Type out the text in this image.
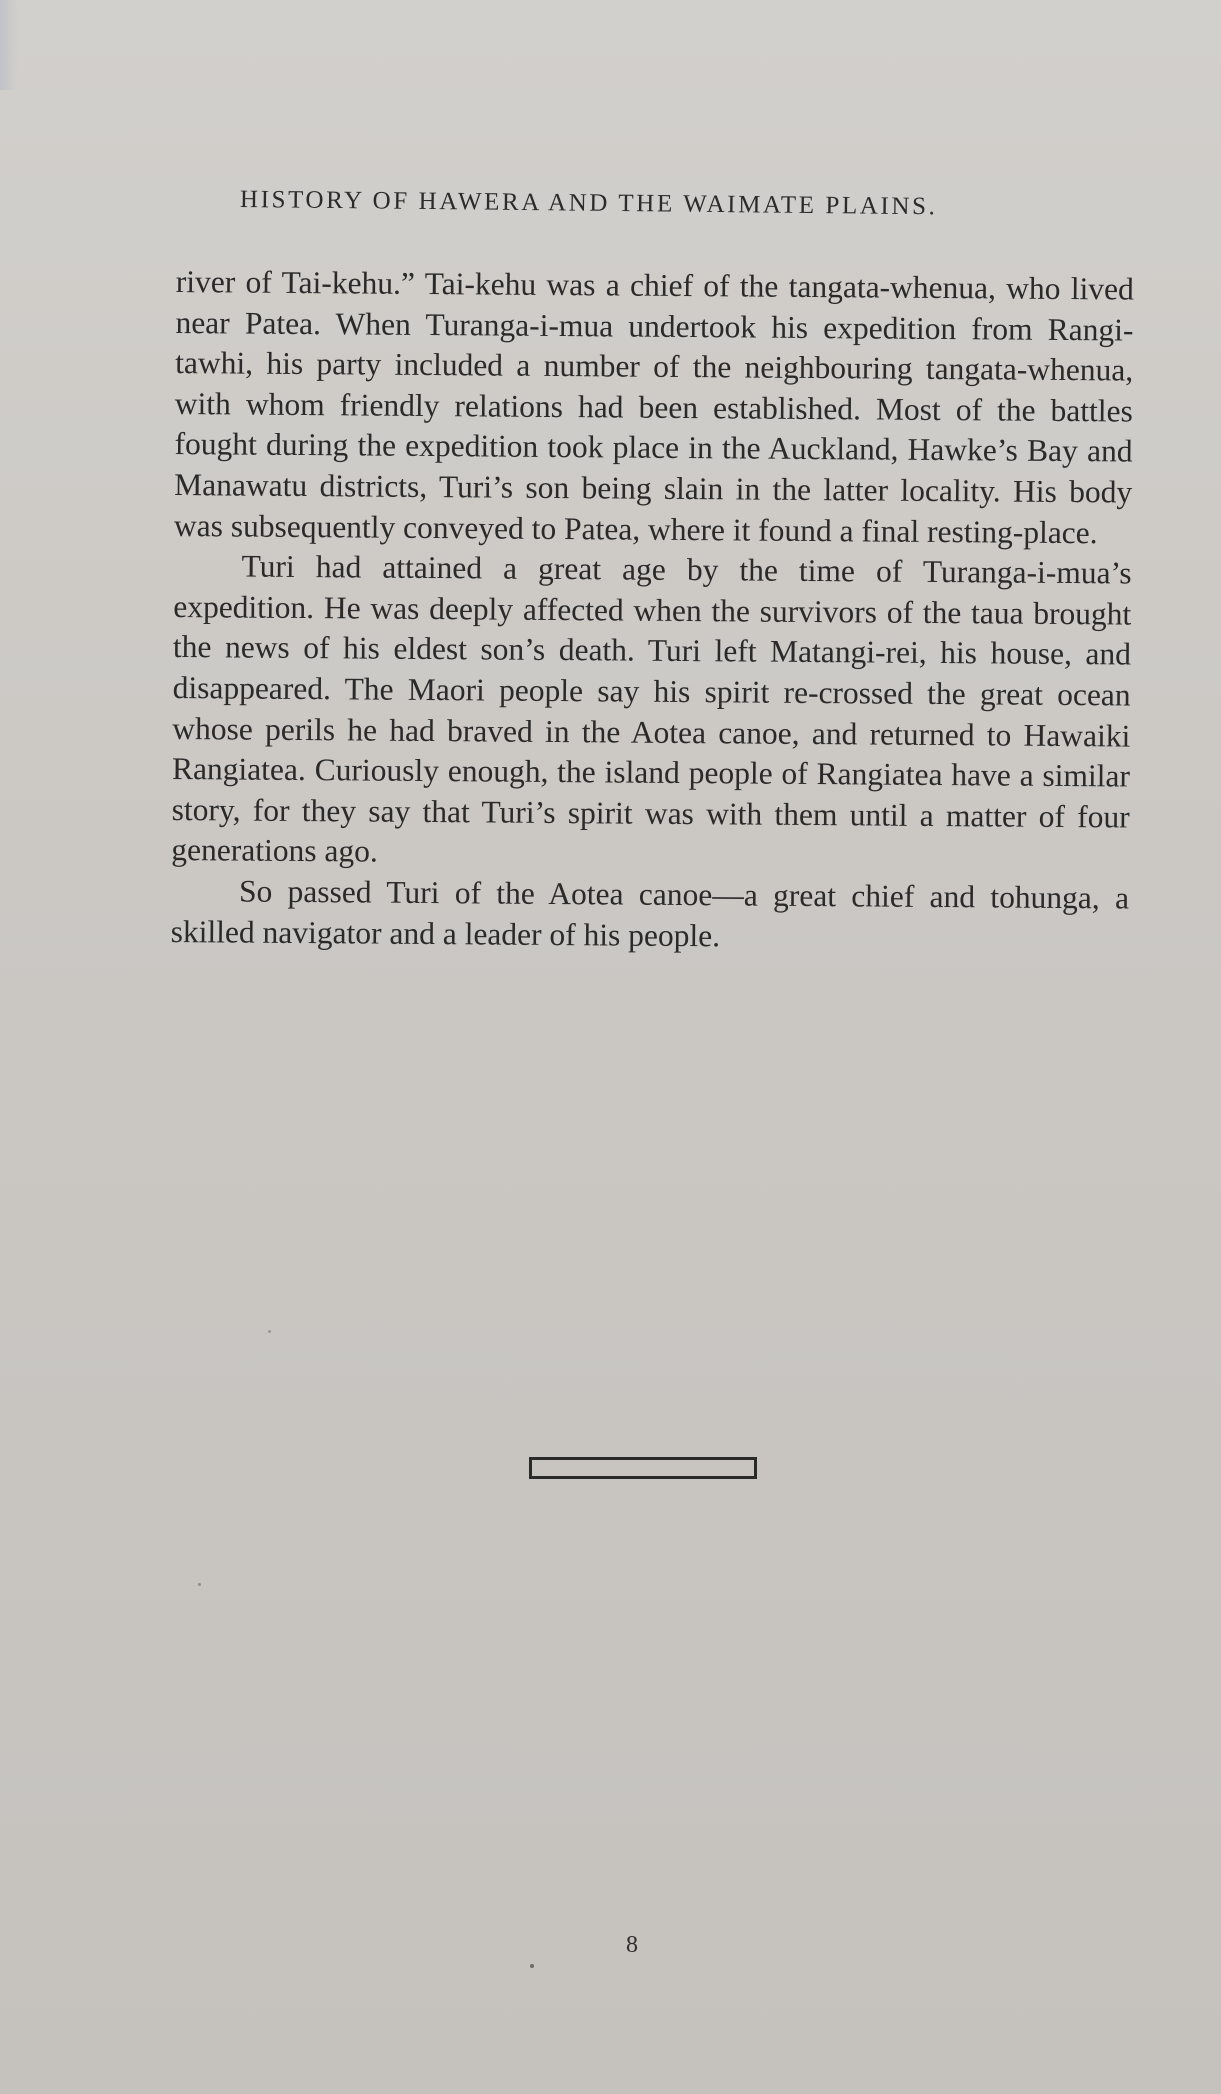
HISTORY OF HAWERA AND THE WAIMATE PLAINS.

river of Tai-kehu.” Tai-kehu was a chief of the tangata-whenua, who lived near Patea. When Turanga-i-mua undertook his expedition from Rangi-tawhi, his party included a number of the neighbouring tangata-whenua, with whom friendly relations had been established. Most of the battles fought during the expedition took place in the Auckland, Hawke’s Bay and Manawatu districts, Turi’s son being slain in the latter locality. His body was subsequently conveyed to Patea, where it found a final resting-place.

Turi had attained a great age by the time of Turanga-i-mua’s expedition. He was deeply affected when the survivors of the taua brought the news of his eldest son’s death. Turi left Matangi-rei, his house, and disappeared. The Maori people say his spirit re-crossed the great ocean whose perils he had braved in the Aotea canoe, and returned to Hawaiki Rangiatea. Curiously enough, the island people of Rangiatea have a similar story, for they say that Turi’s spirit was with them until a matter of four generations ago.

So passed Turi of the Aotea canoe—a great chief and tohunga, a skilled navigator and a leader of his people.

8
